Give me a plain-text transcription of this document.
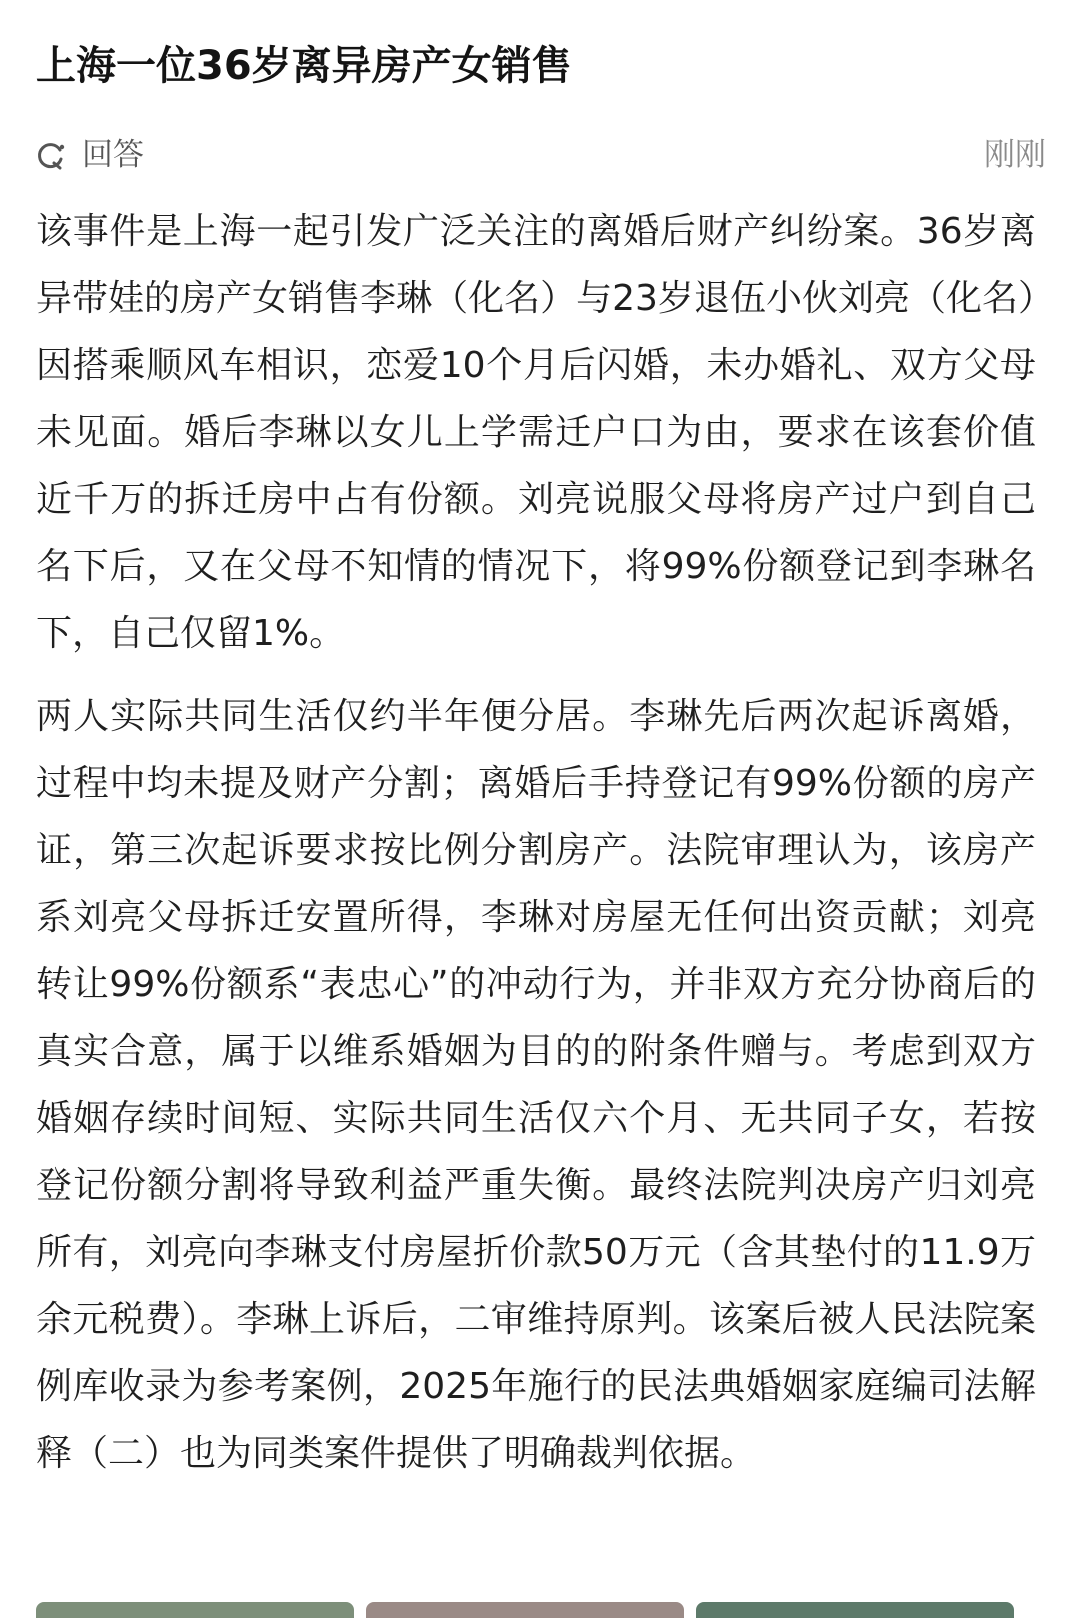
上海一位36岁离异房产女销售
回答	刚刚

该事件是上海一起引发广泛关注的离婚后财产纠纷案。36岁离异带娃的房产女销售李琳（化名）与23岁退伍小伙刘亮（化名）因搭乘顺风车相识，恋爱10个月后闪婚，未办婚礼、双方父母未见面。婚后李琳以女儿上学需迁户口为由，要求在该套价值近千万的拆迁房中占有份额。刘亮说服父母将房产过户到自己名下后，又在父母不知情的情况下，将99%份额登记到李琳名下，自己仅留1%。

两人实际共同生活仅约半年便分居。李琳先后两次起诉离婚，过程中均未提及财产分割；离婚后手持登记有99%份额的房产证，第三次起诉要求按比例分割房产。法院审理认为，该房产系刘亮父母拆迁安置所得，李琳对房屋无任何出资贡献；刘亮转让99%份额系“表忠心”的冲动行为，并非双方充分协商后的真实合意，属于以维系婚姻为目的的附条件赠与。考虑到双方婚姻存续时间短、实际共同生活仅六个月、无共同子女，若按登记份额分割将导致利益严重失衡。最终法院判决房产归刘亮所有，刘亮向李琳支付房屋折价款50万元（含其垫付的11.9万余元税费）。李琳上诉后，二审维持原判。该案后被人民法院案例库收录为参考案例，2025年施行的民法典婚姻家庭编司法解释（二）也为同类案件提供了明确裁判依据。
